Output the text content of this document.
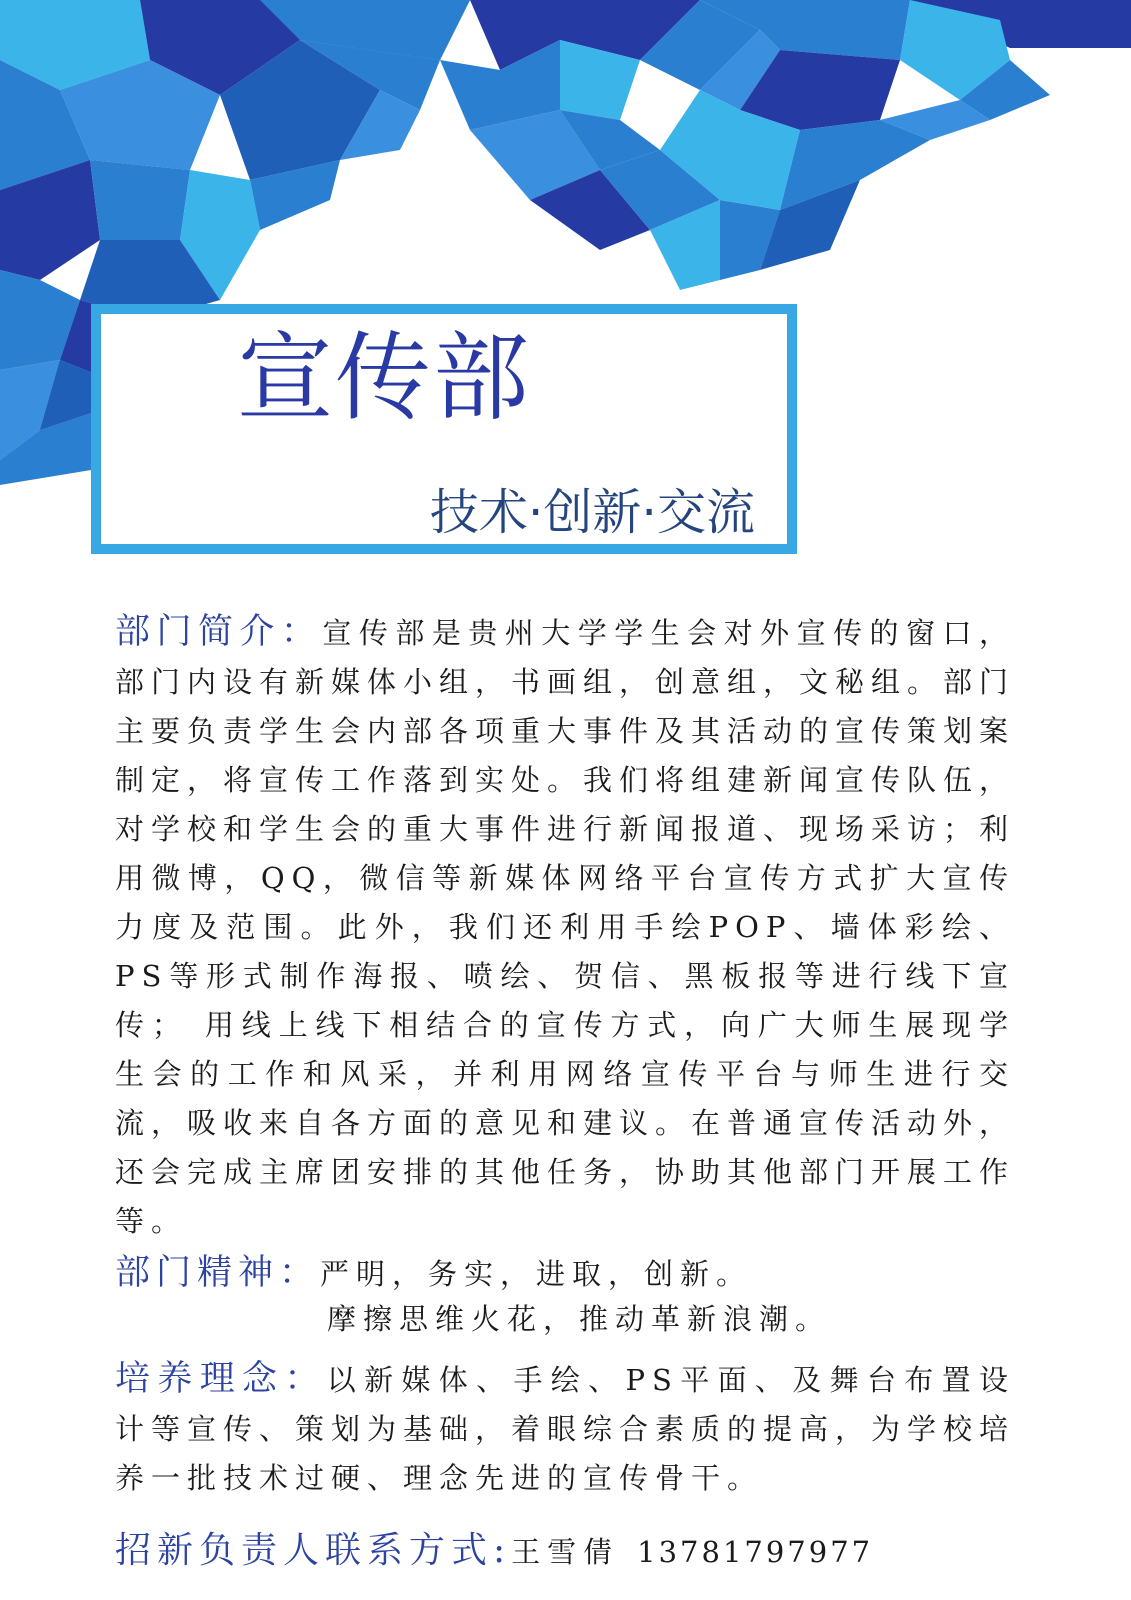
宣传部
技术·创新·交流

部门简介：宣传部是贵州大学学生会对外宣传的窗口，部门内设有新媒体小组，书画组，创意组，文秘组。部门主要负责学生会内部各项重大事件及其活动的宣传策划案制定，将宣传工作落到实处。我们将组建新闻宣传队伍，对学校和学生会的重大事件进行新闻报道、现场采访；利用微博，QQ，微信等新媒体网络平台宣传方式扩大宣传力度及范围。此外，我们还利用手绘POP、墙体彩绘、PS等形式制作海报、喷绘、贺信、黑板报等进行线下宣传； 用线上线下相结合的宣传方式，向广大师生展现学生会的工作和风采，并利用网络宣传平台与师生进行交流，吸收来自各方面的意见和建议。在普通宣传活动外，还会完成主席团安排的其他任务，协助其他部门开展工作等。

部门精神：严明，务实，进取，创新。

摩擦思维火花，推动革新浪潮。

培养理念：以新媒体、手绘、PS平面、及舞台布置设计等宣传、策划为基础，着眼综合素质的提高，为学校培养一批技术过硬、理念先进的宣传骨干。

招新负责人联系方式:王雪倩 13781797977
